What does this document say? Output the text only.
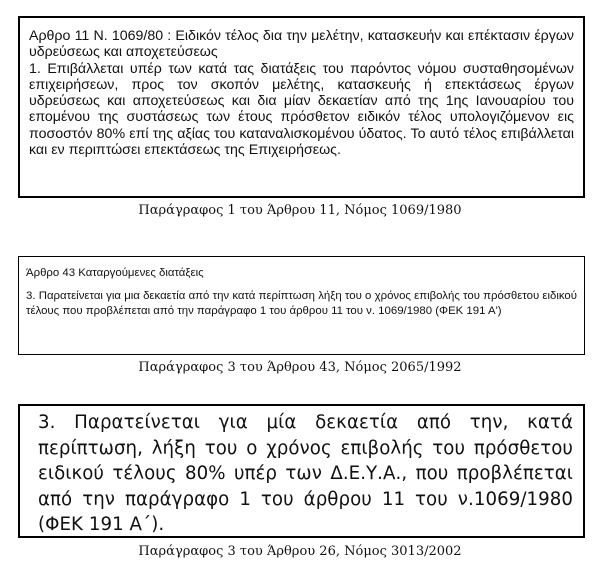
Αρθρο 11 Ν. 1069/80 : Ειδικόν τέλος δια την μελέτην, κατασκευήν και επέκτασιν έργων υδρεύσεως και αποχετεύσεως
1. Επιβάλλεται υπέρ των κατά τας διατάξεις του παρόντος νόμου συσταθησομένων επιχειρήσεων, προς τον σκοπόν μελέτης, κατασκευής ή επεκτάσεως έργων υδρεύσεως και αποχετεύσεως και δια μίαν δεκαετίαν από της 1ης Ιανουαρίου του επομένου της συστάσεως των έτους πρόσθετον ειδικόν τέλος υπολογιζόμενον εις ποσοστόν 80% επί της αξίας του καταναλισκομένου ύδατος. Το αυτό τέλος επιβάλλεται και εν περιπτώσει επεκτάσεως της Επιχειρήσεως.
Παράγραφος 1 του Άρθρου 11, Νόμος 1069/1980
Άρθρο 43 Καταργούμενες διατάξεις
3. Παρατείνεται για μια δεκαετία από την κατά περίπτωση λήξη του ο χρόνος επιβολής του πρόσθετου ειδικού τέλους που προβλέπεται από την παράγραφο 1 του άρθρου 11 του ν. 1069/1980 (ΦΕΚ 191 Α')
Παράγραφος 3 του Άρθρου 43, Νόμος 2065/1992
3. Παρατείνεται για μία δεκαετία από την, κατά περίπτωση, λήξη του ο χρόνος επιβολής του πρόσθετου ειδικού τέλους 80% υπέρ των Δ.Ε.Υ.Α., που προβλέπεται από την παράγραφο 1 του άρθρου 11 του ν.1069/1980 (ΦΕΚ 191 Α΄).
Παράγραφος 3 του Άρθρου 26, Νόμος 3013/2002
